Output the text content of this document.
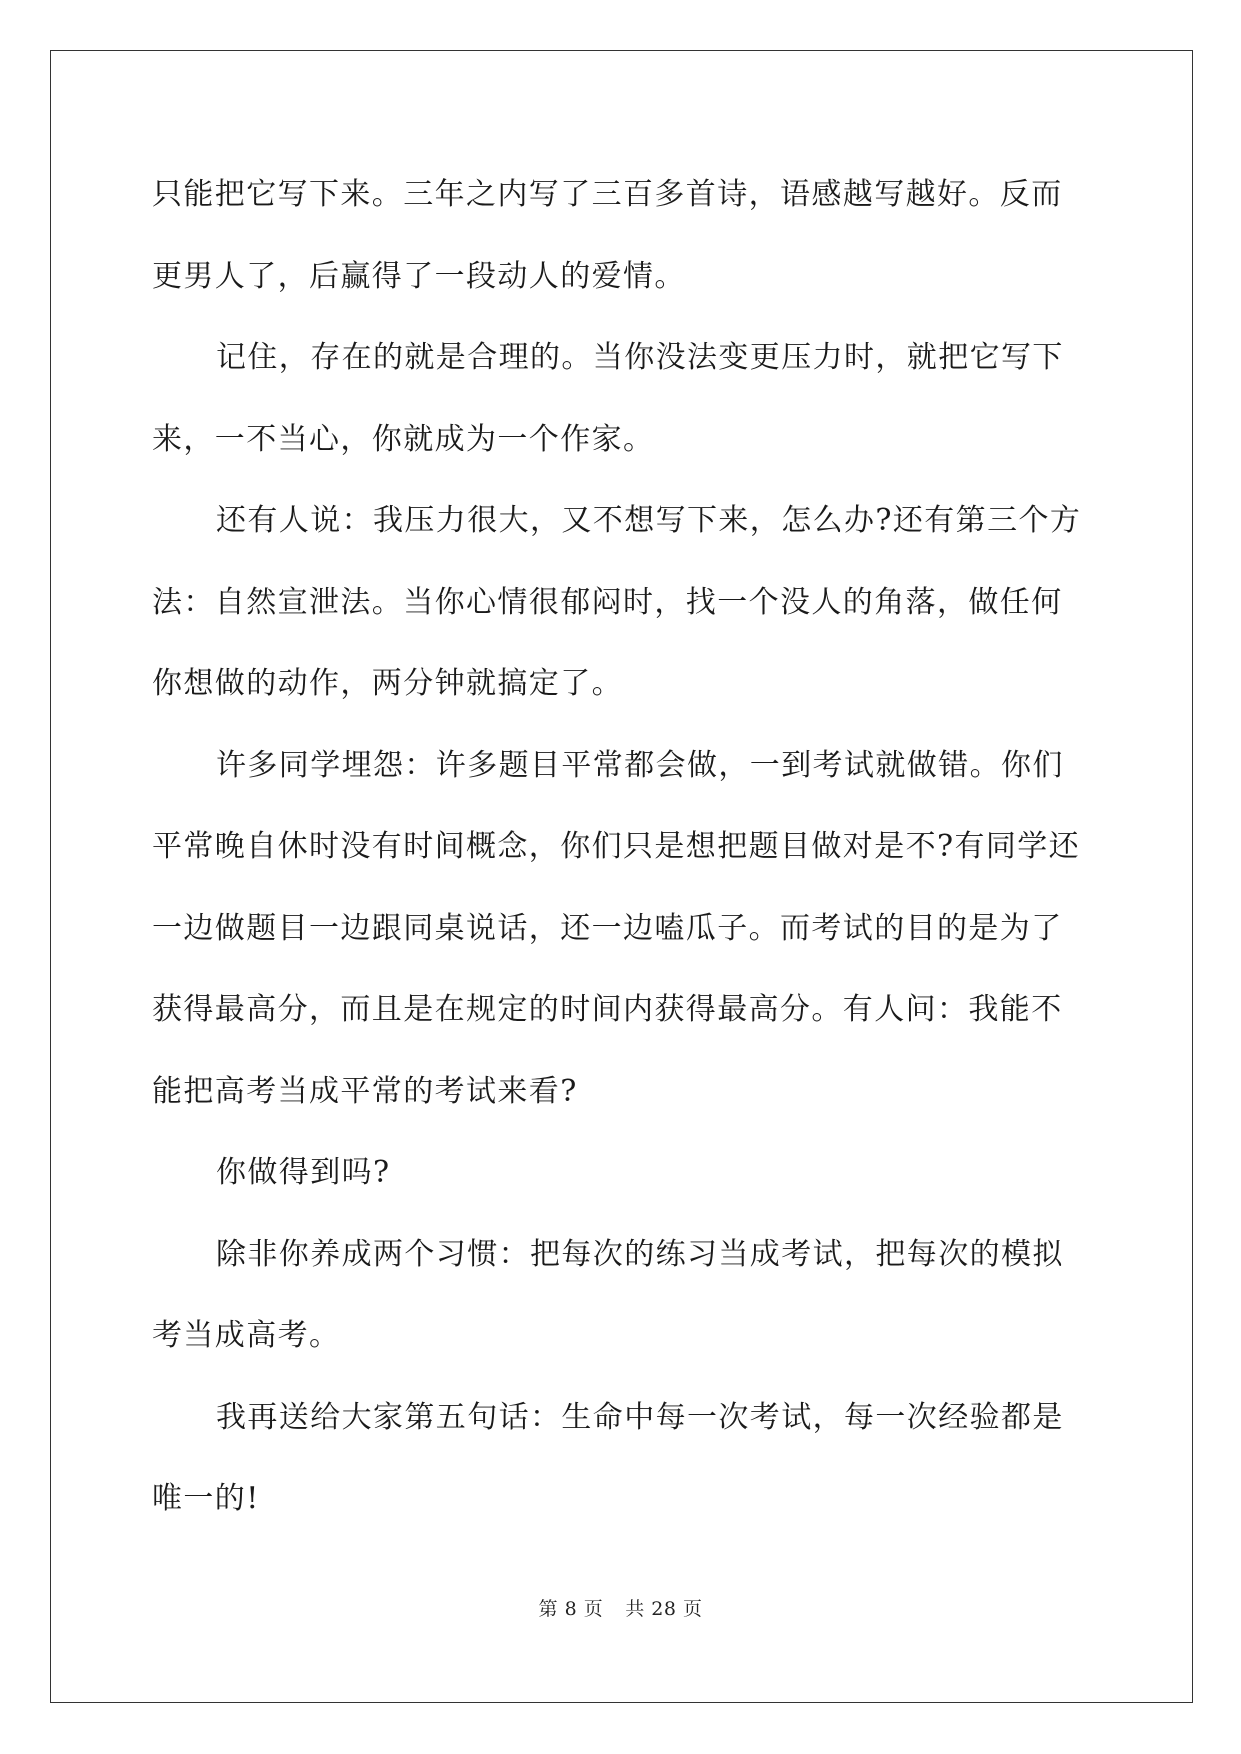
只能把它写下来。三年之内写了三百多首诗，语感越写越好。反而更男人了，后赢得了一段动人的爱情。

记住，存在的就是合理的。当你没法变更压力时，就把它写下来，一不当心，你就成为一个作家。

还有人说：我压力很大，又不想写下来，怎么办?还有第三个方法：自然宣泄法。当你心情很郁闷时，找一个没人的角落，做任何你想做的动作，两分钟就搞定了。

许多同学埋怨：许多题目平常都会做，一到考试就做错。你们平常晚自休时没有时间概念，你们只是想把题目做对是不?有同学还一边做题目一边跟同桌说话，还一边嗑瓜子。而考试的目的是为了获得最高分，而且是在规定的时间内获得最高分。有人问：我能不能把高考当成平常的考试来看?

你做得到吗?

除非你养成两个习惯：把每次的练习当成考试，把每次的模拟考当成高考。

我再送给大家第五句话：生命中每一次考试，每一次经验都是唯一的!

第 8 页 共 28 页
